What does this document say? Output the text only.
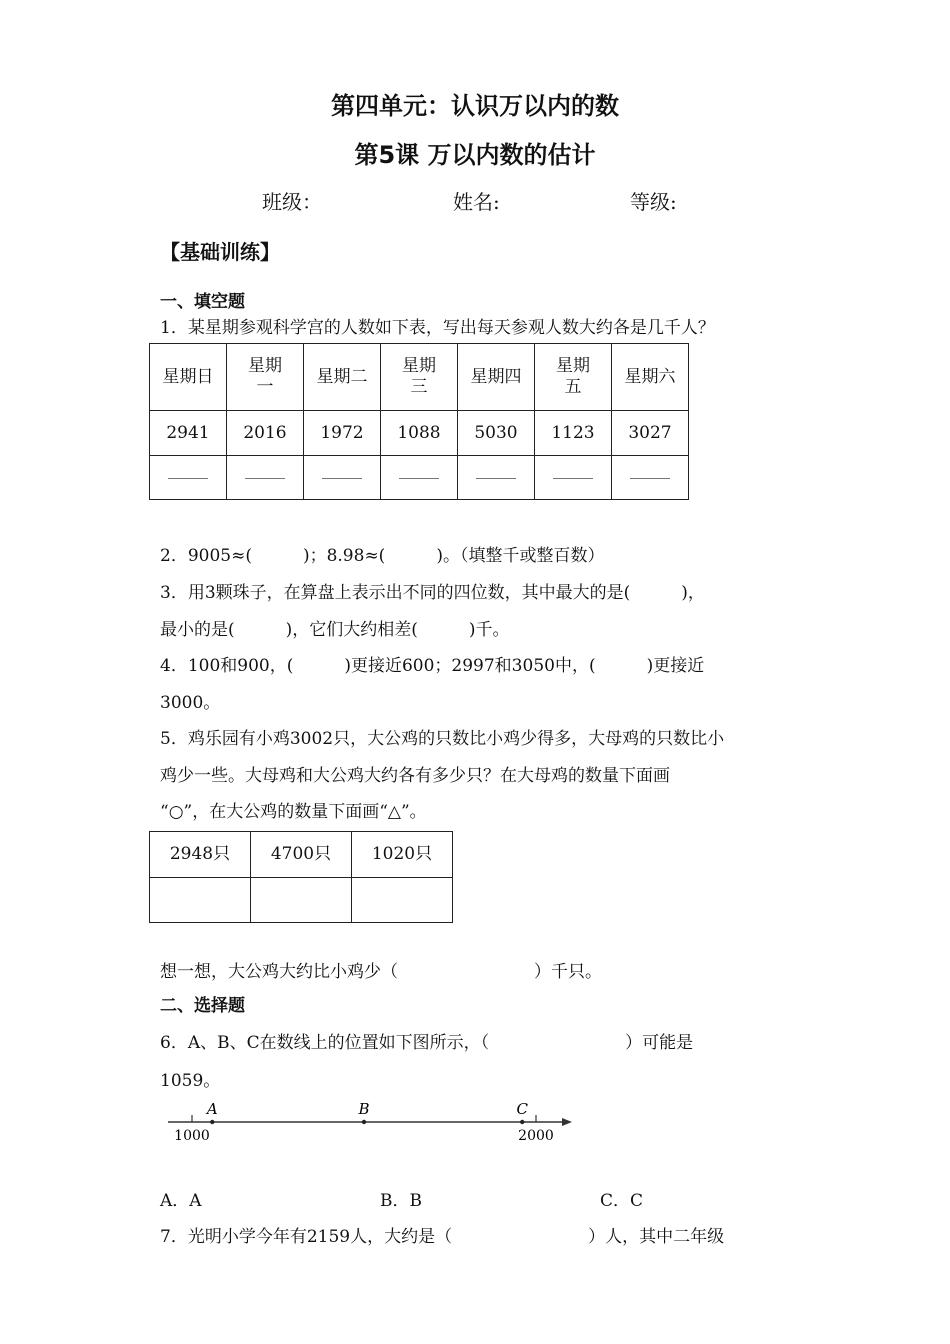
第四单元：认识万以内的数
第5课 万以内数的估计
班级：	姓名:	等级:
【基础训练】
一、填空题
1．某星期参观科学宫的人数如下表，写出每天参观人数大约各是几千人？
星期日	星期一	星期二	星期三	星期四	星期五	星期六
2941	2016	1972	1088	5030	1123	3027

2．9005≈(　　　)；8.98≈(　　　)。（填整千或整百数）
3．用3颗珠子，在算盘上表示出不同的四位数，其中最大的是(　　　)，
最小的是(　　　)，它们大约相差(　　　)千。
4．100和900，(　　　)更接近600；2997和3050中，(　　　)更接近
3000。
5．鸡乐园有小鸡3002只，大公鸡的只数比小鸡少得多，大母鸡的只数比小
鸡少一些。大母鸡和大公鸡大约各有多少只？在大母鸡的数量下面画
“○”，在大公鸡的数量下面画“△”。
2948只	4700只	1020只

想一想，大公鸡大约比小鸡少（　　　　　　　　）千只。
二、选择题
6．A、B、C在数线上的位置如下图所示，（　　　　　　　　）可能是
1059。
1000	2000
A	B	C
A．A	B．B	C．C
7．光明小学今年有2159人，大约是（　　　　　　　　）人，其中二年级
